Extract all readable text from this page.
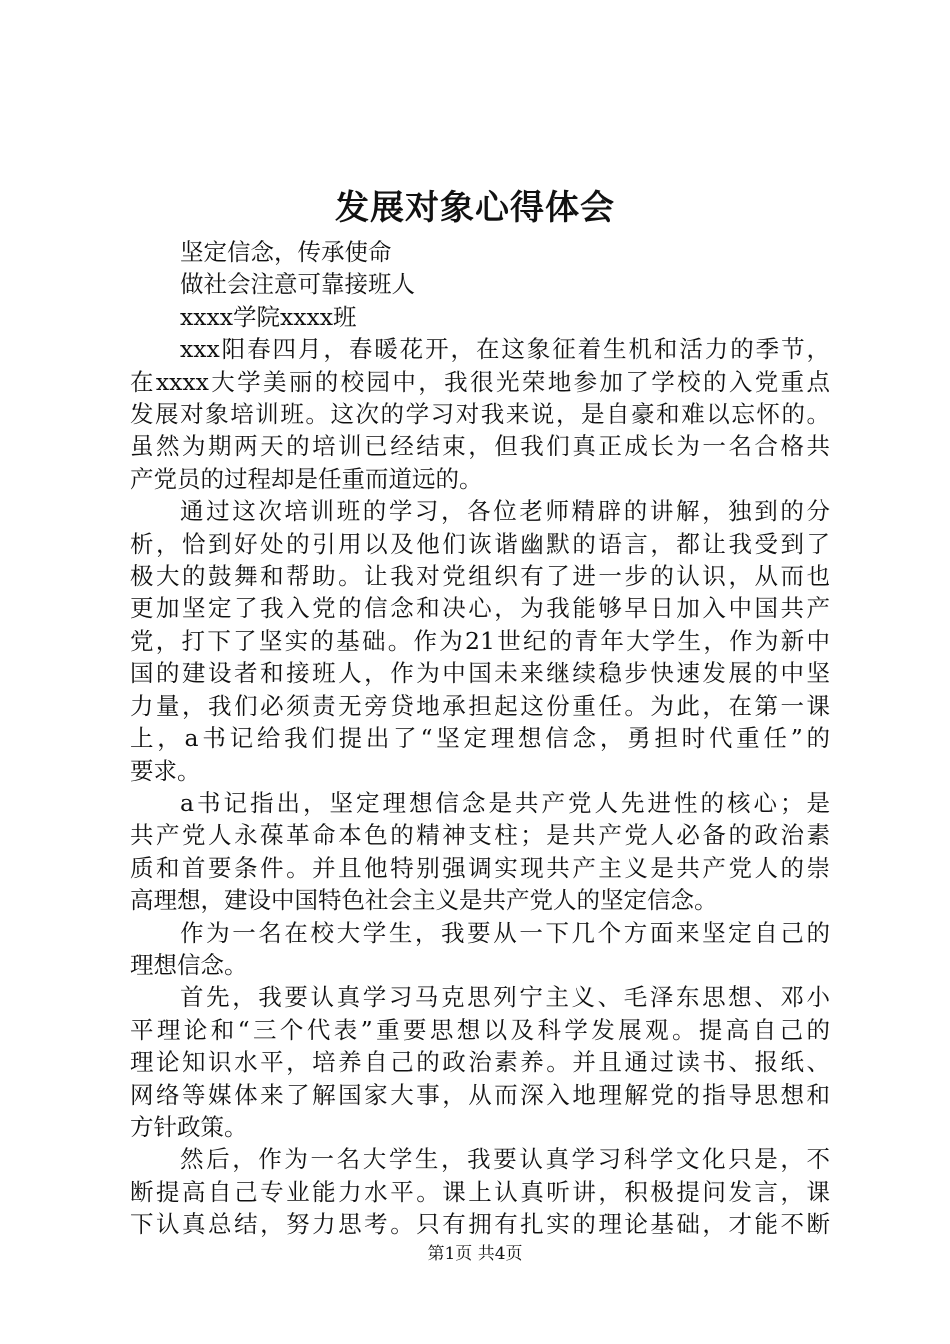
发展对象心得体会
坚定信念，传承使命
做社会注意可靠接班人
xxxx学院xxxx班
xxx阳春四月，春暖花开，在这象征着生机和活力的季节，
在xxxx大学美丽的校园中，我很光荣地参加了学校的入党重点
发展对象培训班。这次的学习对我来说，是自豪和难以忘怀的。
虽然为期两天的培训已经结束，但我们真正成长为一名合格共
产党员的过程却是任重而道远的。
通过这次培训班的学习，各位老师精辟的讲解，独到的分
析，恰到好处的引用以及他们诙谐幽默的语言，都让我受到了
极大的鼓舞和帮助。让我对党组织有了进一步的认识，从而也
更加坚定了我入党的信念和决心，为我能够早日加入中国共产
党，打下了坚实的基础。作为21世纪的青年大学生，作为新中
国的建设者和接班人，作为中国未来继续稳步快速发展的中坚
力量，我们必须责无旁贷地承担起这份重任。为此，在第一课
上，a书记给我们提出了“坚定理想信念，勇担时代重任”的
要求。
a书记指出，坚定理想信念是共产党人先进性的核心；是
共产党人永葆革命本色的精神支柱；是共产党人必备的政治素
质和首要条件。并且他特别强调实现共产主义是共产党人的崇
高理想，建设中国特色社会主义是共产党人的坚定信念。
作为一名在校大学生，我要从一下几个方面来坚定自己的
理想信念。
首先，我要认真学习马克思列宁主义、毛泽东思想、邓小
平理论和“三个代表”重要思想以及科学发展观。提高自己的
理论知识水平，培养自己的政治素养。并且通过读书、报纸、
网络等媒体来了解国家大事，从而深入地理解党的指导思想和
方针政策。
然后，作为一名大学生，我要认真学习科学文化只是，不
断提高自己专业能力水平。课上认真听讲，积极提问发言，课
下认真总结，努力思考。只有拥有扎实的理论基础，才能不断
第1页 共4页
